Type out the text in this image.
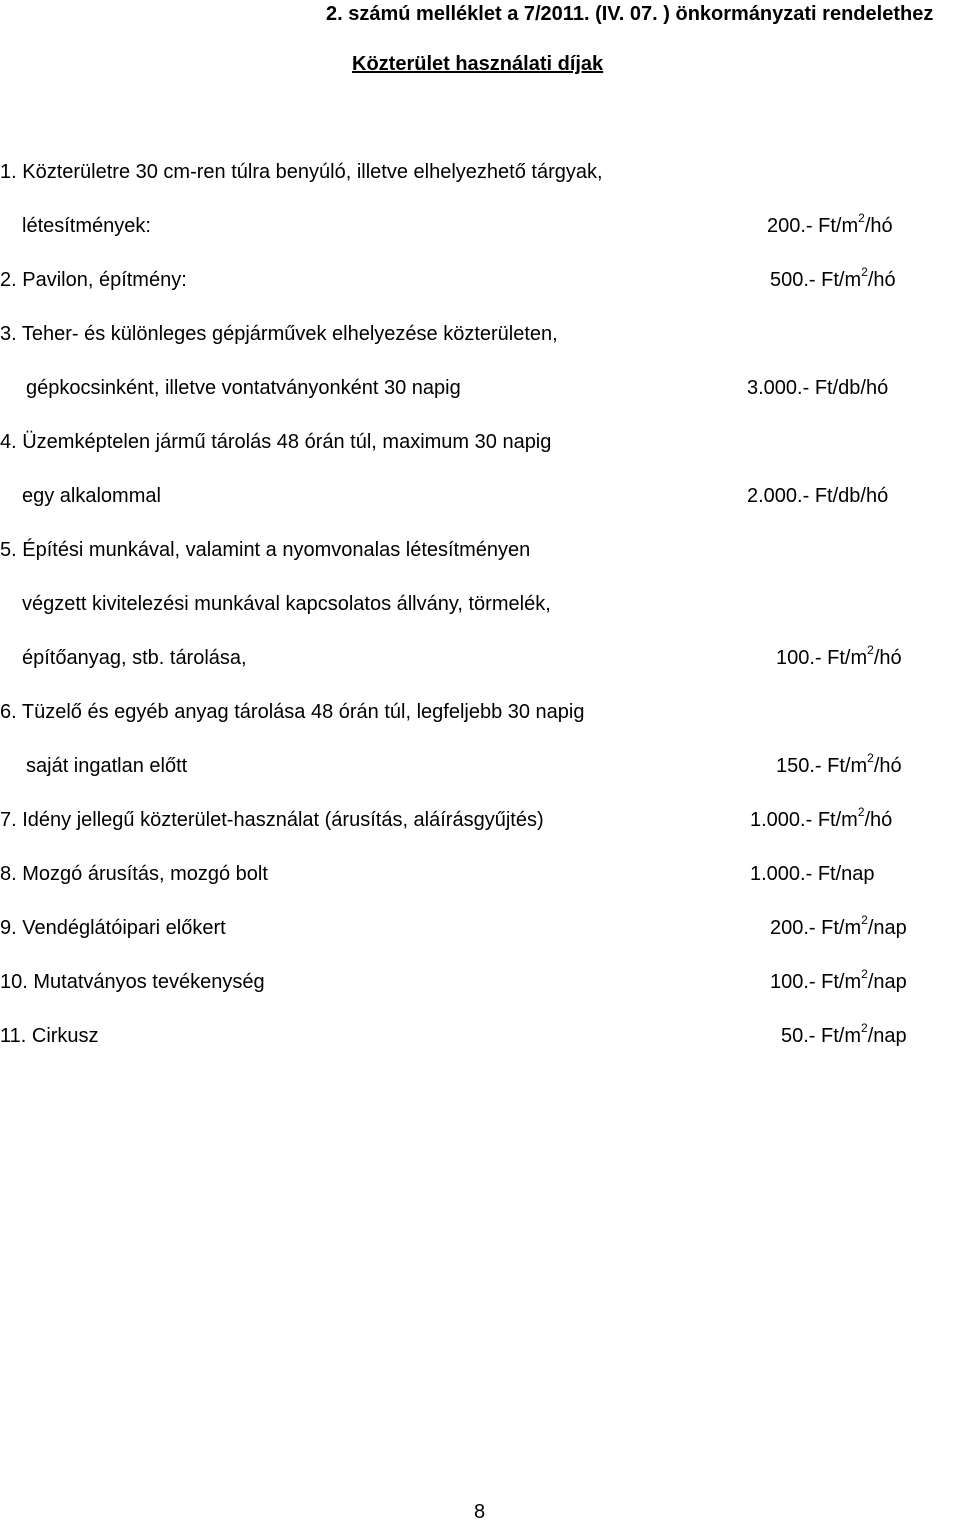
2. számú melléklet a 7/2011. (IV. 07. ) önkormányzati rendelethez
Közterület használati díjak
1. Közterületre 30 cm-ren túlra benyúló, illetve elhelyezhető tárgyak,
létesítmények:	200.- $Ft/m^2/hó$
2. Pavilon, építmény:	500.- $Ft/m^2/hó$
3. Teher- és különleges gépjárművek elhelyezése közterületen,
gépkocsinként, illetve vontatványonként 30 napig	3.000.- Ft/db/hó
4. Üzemképtelen jármű tárolás 48 órán túl, maximum 30 napig
egy alkalommal	2.000.- Ft/db/hó
5. Építési munkával, valamint a nyomvonalas létesítményen
végzett kivitelezési munkával kapcsolatos állvány, törmelék,
építőanyag, stb. tárolása,	100.- $Ft/m^2/hó$
6. Tüzelő és egyéb anyag tárolása 48 órán túl, legfeljebb 30 napig
saját ingatlan előtt	150.- $Ft/m^2/hó$
7. Idény jellegű közterület-használat (árusítás, aláírásgyűjtés)	1.000.- $Ft/m^2/hó$
8. Mozgó árusítás, mozgó bolt	1.000.- Ft/nap
9. Vendéglátóipari előkert	200.- $Ft/m^2$/nap
10. Mutatványos tevékenység	100.- $Ft/m^2$/nap
11. Cirkusz	50.- $Ft/m^2$/nap
8
